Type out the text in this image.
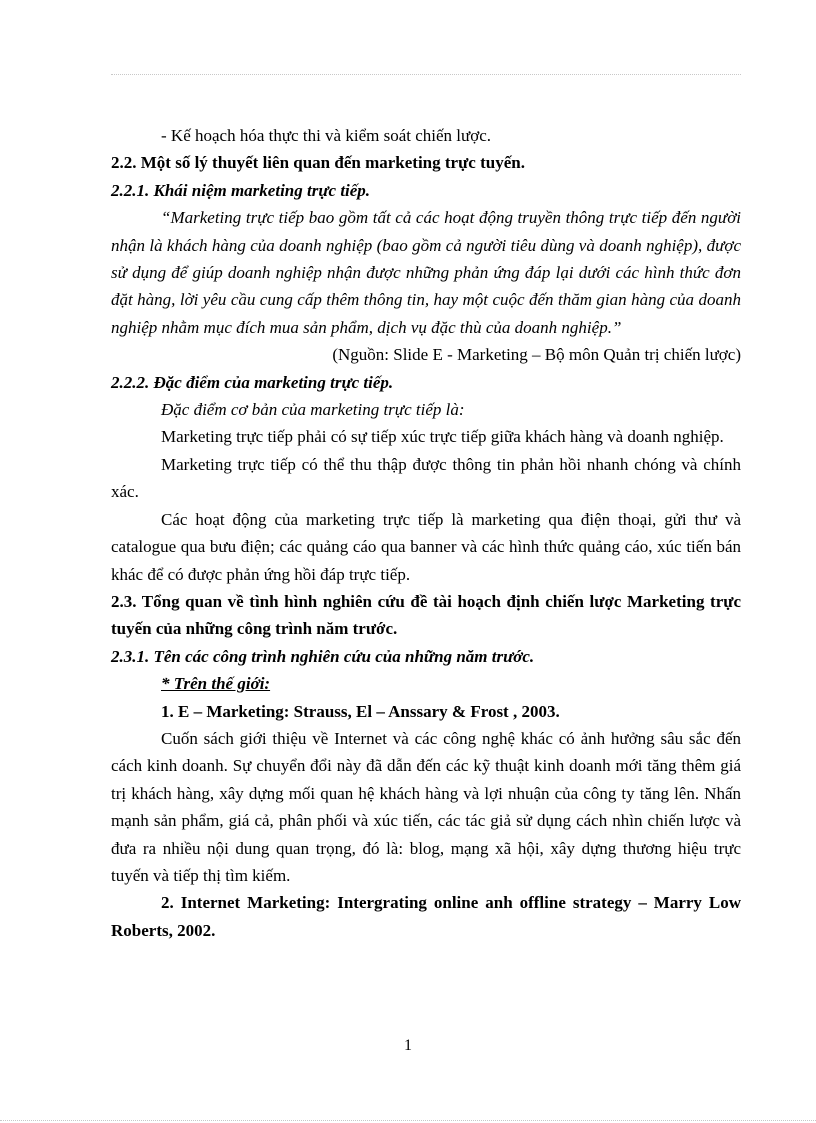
- Kế hoạch hóa thực thi và kiểm soát chiến lược.

2.2. Một số lý thuyết liên quan đến marketing trực tuyến.

2.2.1. Khái niệm marketing trực tiếp.

“Marketing trực tiếp bao gồm tất cả các hoạt động truyền thông trực tiếp đến người nhận là khách hàng của doanh nghiệp (bao gồm cả người tiêu dùng và doanh nghiệp), được sử dụng để giúp doanh nghiệp nhận được những phản ứng đáp lại dưới các hình thức đơn đặt hàng, lời yêu cầu cung cấp thêm thông tin, hay một cuộc đến thăm gian hàng của doanh nghiệp nhằm mục đích mua sản phẩm, dịch vụ đặc thù của doanh nghiệp.”

(Nguồn: Slide E - Marketing – Bộ môn Quản trị chiến lược)

2.2.2. Đặc điểm của marketing trực tiếp.

Đặc điểm cơ bản của marketing trực tiếp là:

Marketing trực tiếp phải có sự tiếp xúc trực tiếp giữa khách hàng và doanh nghiệp.

Marketing trực tiếp có thể thu thập được thông tin phản hồi nhanh chóng và chính xác.

Các hoạt động của marketing trực tiếp là marketing qua điện thoại, gửi thư và catalogue qua bưu điện; các quảng cáo qua banner và các hình thức quảng cáo, xúc tiến bán khác để có được phản ứng hồi đáp trực tiếp.

2.3. Tổng quan về tình hình nghiên cứu đề tài hoạch định chiến lược Marketing trực tuyến của những công trình năm trước.

2.3.1. Tên các công trình nghiên cứu của những năm trước.

* Trên thế giới:

1. E – Marketing: Strauss, El – Anssary & Frost , 2003.

Cuốn sách giới thiệu về Internet và các công nghệ khác có ảnh hưởng sâu sắc đến cách kinh doanh. Sự chuyển đổi này đã dẫn đến các kỹ thuật kinh doanh mới tăng thêm giá trị khách hàng, xây dựng mối quan hệ khách hàng và lợi nhuận của công ty tăng lên. Nhấn mạnh sản phẩm, giá cả, phân phối và xúc tiến, các tác giả sử dụng cách nhìn chiến lược và đưa ra nhiều nội dung quan trọng, đó là: blog, mạng xã hội, xây dựng thương hiệu trực tuyến và tiếp thị tìm kiếm.

2. Internet Marketing: Intergrating online anh offline strategy – Marry Low Roberts, 2002.

1
